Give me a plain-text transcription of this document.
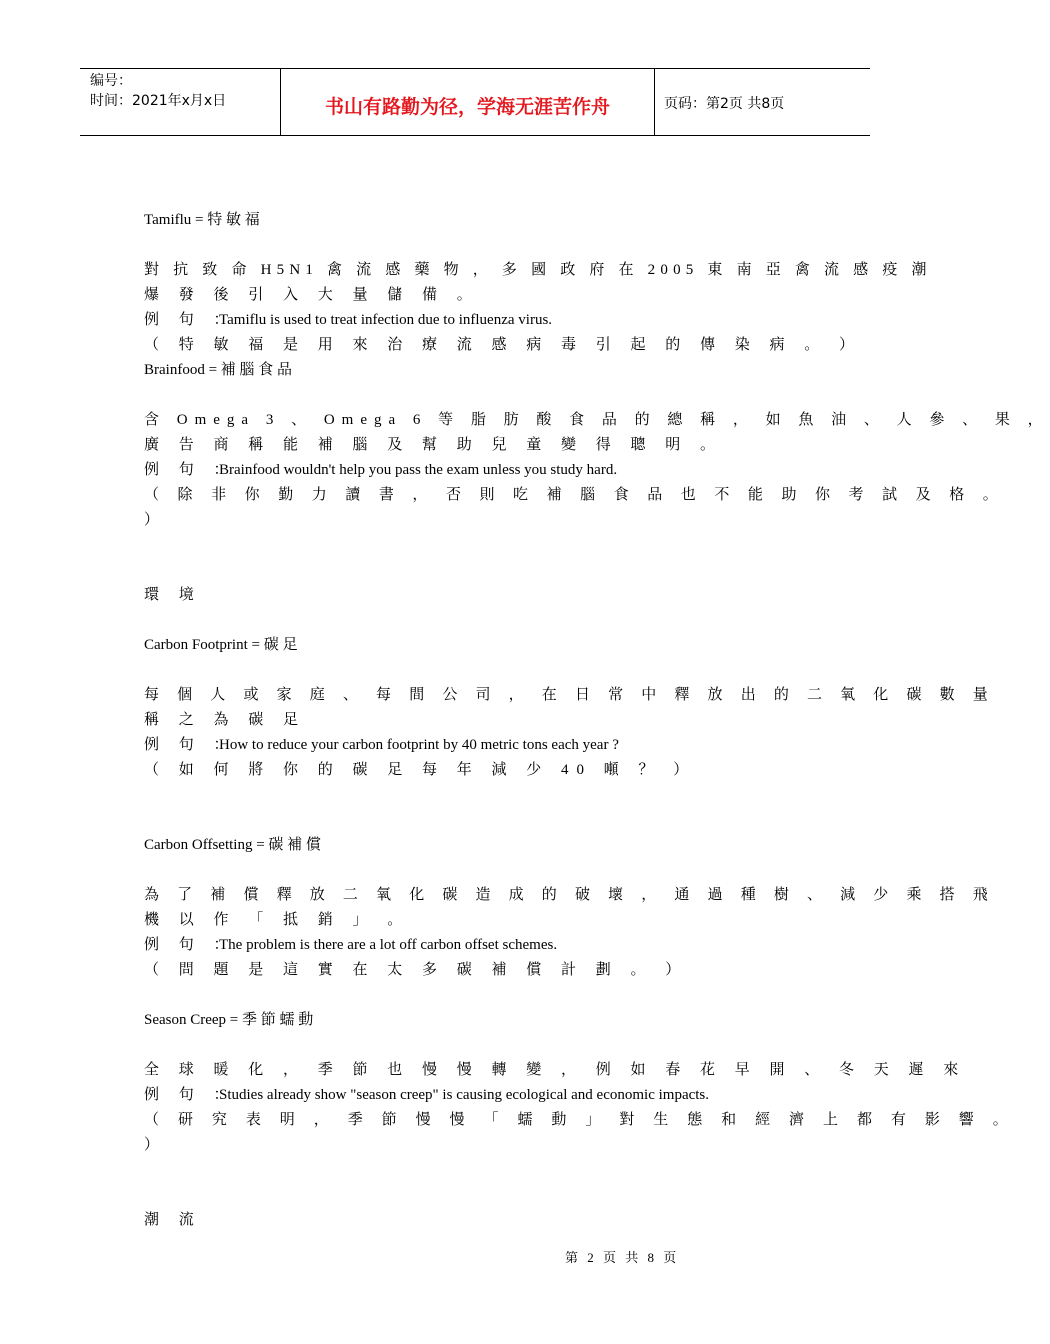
编号：
时间：2021年x月x日	书山有路勤为径，学海无涯苦作舟	页码：第2页 共8页
Tamiflu = 特 敏 福
對 抗 致 命 H5N1 禽 流 感 藥 物 ， 多 國 政 府 在 2005 東 南 亞 禽 流 感 疫 潮
爆 發 後 引 入 大 量 儲 備 。
例 句 ：Tamiflu is used to treat infection due to influenza virus.
（ 特 敏 福 是 用 來 治 療 流 感 病 毒 引 起 的 傳 染 病 。 ）
Brainfood = 補 腦 食 品
含 Omega 3 、 Omega 6 等 脂 肪 酸 食 品 的 總 稱 ， 如 魚 油 、 人 參 、 果 ，
廣 告 商 稱 能 補 腦 及 幫 助 兒 童 變 得 聰 明 。
例 句 ：Brainfood wouldn't help you pass the exam unless you study hard.
（ 除 非 你 勤 力 讀 書 ， 否 則 吃 補 腦 食 品 也 不 能 助 你 考 試 及 格 。
）
環 境
Carbon Footprint = 碳 足
每 個 人 或 家 庭 、 每 間 公 司 ， 在 日 常 中 釋 放 出 的 二 氧 化 碳 數 量
稱 之 為 碳 足
例 句 ：How to reduce your carbon footprint by 40 metric tons each year ?
（ 如 何 將 你 的 碳 足 每 年 減 少 40 噸 ？ ）
Carbon Offsetting = 碳 補 償
為 了 補 償 釋 放 二 氧 化 碳 造 成 的 破 壞 ， 通 過 種 樹 、 減 少 乘 搭 飛
機 以 作 「 抵 銷 」 。
例 句 ：The problem is there are a lot off carbon offset schemes.
（ 問 題 是 這 實 在 太 多 碳 補 償 計 劃 。 ）
Season Creep = 季 節 蠕 動
全 球 暖 化 ， 季 節 也 慢 慢 轉 變 ， 例 如 春 花 早 開 、 冬 天 遲 來
例 句 ：Studies already show "season creep" is causing ecological and economic impacts.
（ 研 究 表 明 ， 季 節 慢 慢 「 蠕 動 」 對 生 態 和 經 濟 上 都 有 影 響 。
）
潮 流
第 2 页 共 8 页
